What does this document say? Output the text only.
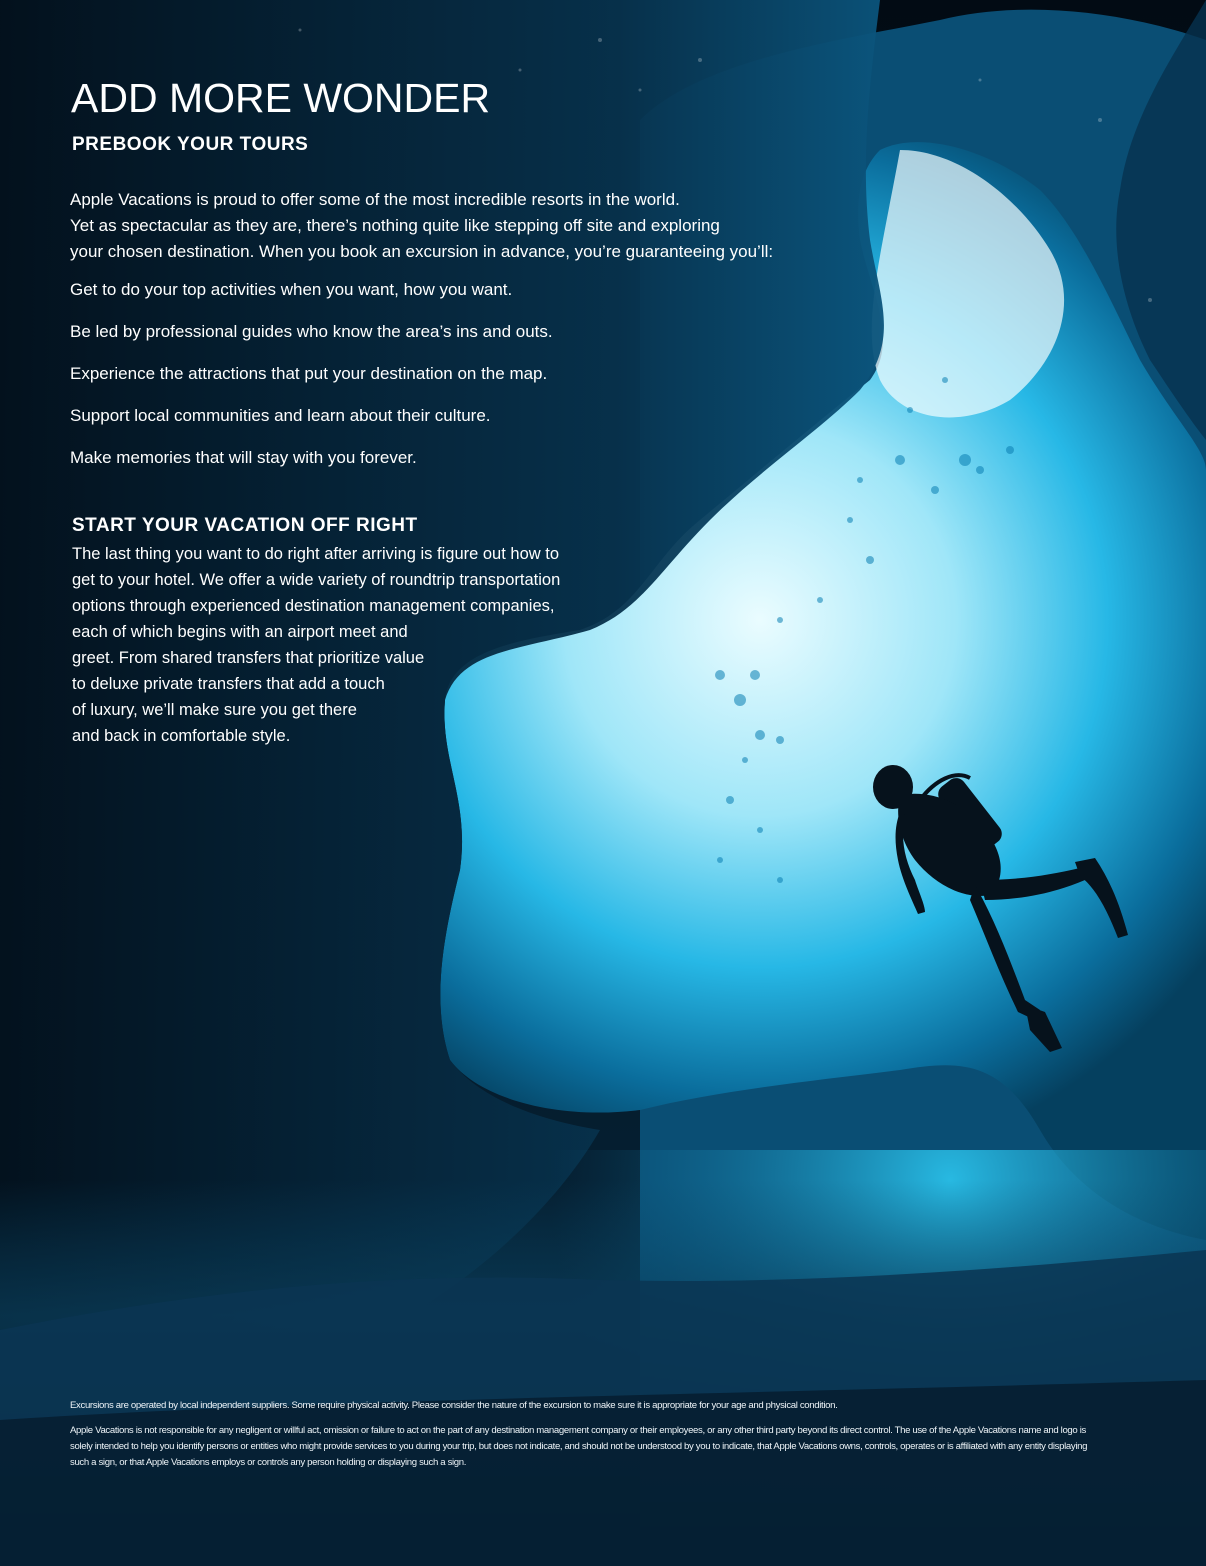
ADD MORE WONDER
PREBOOK YOUR TOURS

Apple Vacations is proud to offer some of the most incredible resorts in the world.
Yet as spectacular as they are, there’s nothing quite like stepping off site and exploring
your chosen destination. When you book an excursion in advance, you’re guaranteeing you’ll:

Get to do your top activities when you want, how you want.
Be led by professional guides who know the area’s ins and outs.
Experience the attractions that put your destination on the map.
Support local communities and learn about their culture.
Make memories that will stay with you forever.
START YOUR VACATION OFF RIGHT

The last thing you want to do right after arriving is figure out how to
get to your hotel. We offer a wide variety of roundtrip transportation
options through experienced destination management companies,
each of which begins with an airport meet and
greet. From shared transfers that prioritize value
to deluxe private transfers that add a touch
of luxury, we’ll make sure you get there
and back in comfortable style.

Excursions are operated by local independent suppliers. Some require physical activity. Please consider the nature of the excursion to make sure it is appropriate for your age and physical condition.

Apple Vacations is not responsible for any negligent or willful act, omission or failure to act on the part of any destination management company or their employees, or any other third party beyond its direct control. The use of the Apple Vacations name and logo is
solely intended to help you identify persons or entities who might provide services to you during your trip, but does not indicate, and should not be understood by you to indicate, that Apple Vacations owns, controls, operates or is affiliated with any entity displaying
such a sign, or that Apple Vacations employs or controls any person holding or displaying such a sign.
